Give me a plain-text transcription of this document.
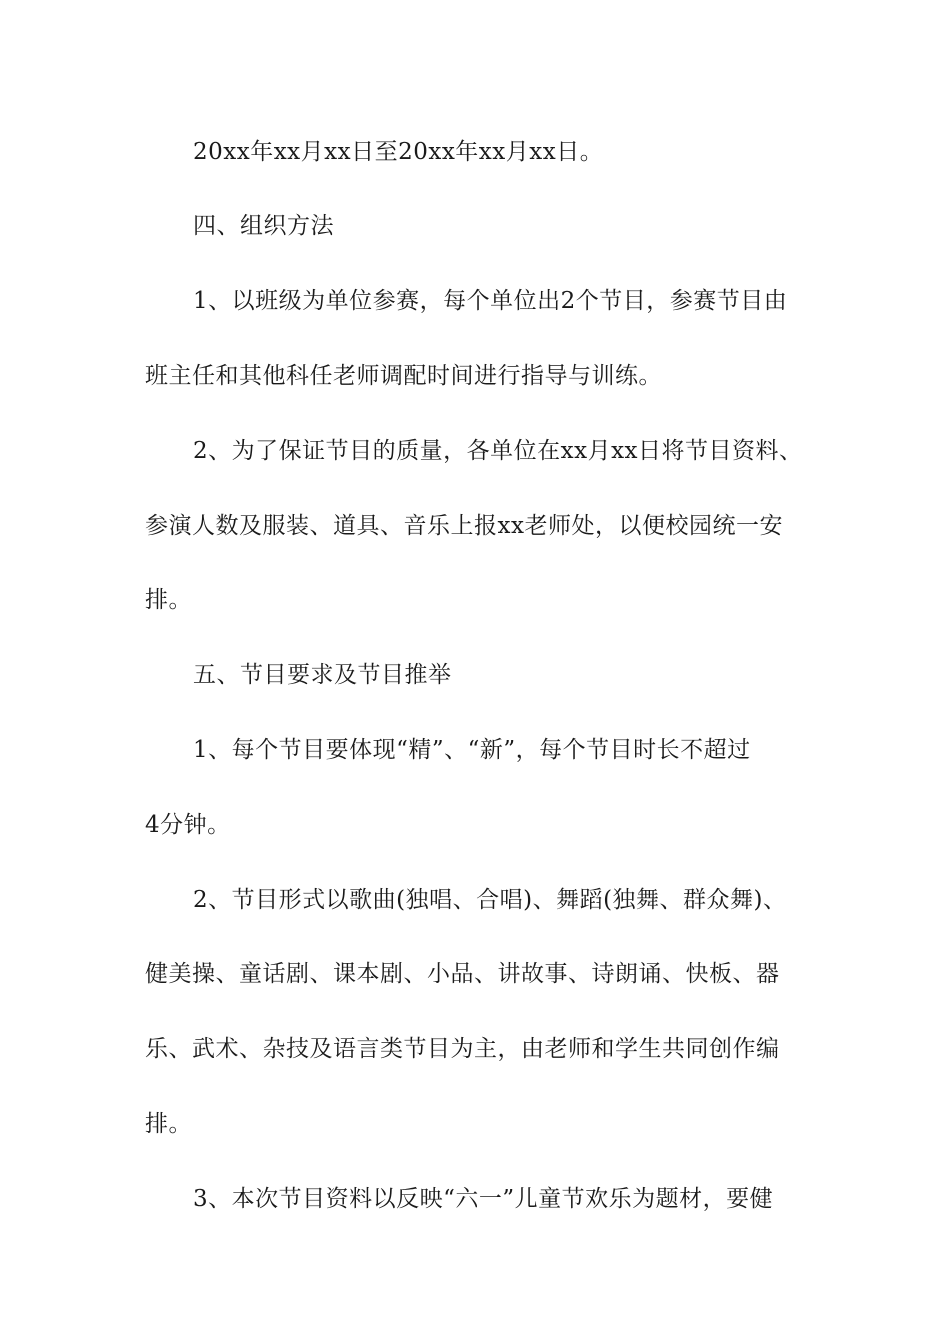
20xx年xx月xx日至20xx年xx月xx日。
四、组织方法
1、以班级为单位参赛，每个单位出2个节目，参赛节目由
班主任和其他科任老师调配时间进行指导与训练。
2、为了保证节目的质量，各单位在xx月xx日将节目资料、
参演人数及服装、道具、音乐上报xx老师处，以便校园统一安
排。
五、节目要求及节目推举
1、每个节目要体现“精”、“新”，每个节目时长不超过
4分钟。
2、节目形式以歌曲(独唱、合唱)、舞蹈(独舞、群众舞)、
健美操、童话剧、课本剧、小品、讲故事、诗朗诵、快板、器
乐、武术、杂技及语言类节目为主，由老师和学生共同创作编
排。
3、本次节目资料以反映“六一”儿童节欢乐为题材，要健
